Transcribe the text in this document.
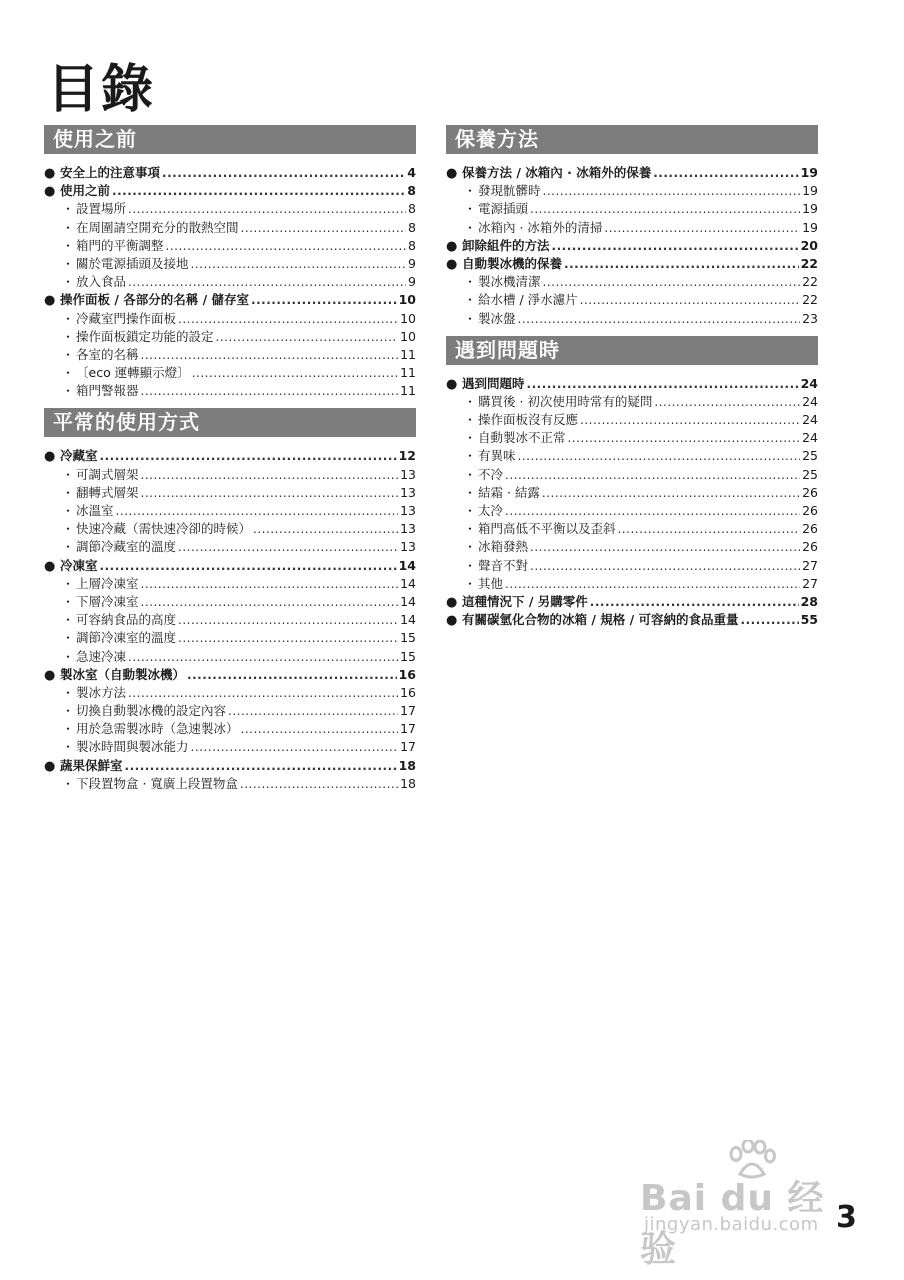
目錄
使用之前
● 安全上的注意事項 .....	4
● 使用之前 .....	8
・ 設置場所 .....	8
・ 在周圍請空開充分的散熱空間 .....	8
・ 箱門的平衡調整 .....	8
・ 關於電源插頭及接地 .....	9
・ 放入食品 .....	9
● 操作面板 / 各部分的名稱 / 儲存室 .....	10
・ 冷藏室門操作面板 .....	10
・ 操作面板鎖定功能的設定 .....	10
・ 各室的名稱 .....	11
・ 〔eco 運轉顯示燈〕 .....	11
・ 箱門警報器 .....	11
平常的使用方式
● 冷藏室 .....	12
・ 可調式層架 .....	13
・ 翻轉式層架 .....	13
・ 冰溫室 .....	13
・ 快速冷藏（需快速冷卻的時候） .....	13
・ 調節冷藏室的溫度 .....	13
● 冷凍室 .....	14
・ 上層冷凍室 .....	14
・ 下層冷凍室 .....	14
・ 可容納食品的高度 .....	14
・ 調節冷凍室的溫度 .....	15
・ 急速冷凍 .....	15
● 製冰室（自動製冰機） .....	16
・ 製冰方法 .....	16
・ 切換自動製冰機的設定內容 .....	17
・ 用於急需製冰時（急速製冰） .....	17
・ 製冰時間與製冰能力 .....	17
● 蔬果保鮮室 .....	18
・ 下段置物盒 · 寬廣上段置物盒 .....	18
保養方法
● 保養方法 / 冰箱內 · 冰箱外的保養 .....	19
・ 發現骯髒時 .....	19
・ 電源插頭 .....	19
・ 冰箱內 · 冰箱外的清掃 .....	19
● 卸除組件的方法 .....	20
● 自動製冰機的保養 .....	22
・ 製冰機清潔 .....	22
・ 給水槽 / 淨水濾片 .....	22
・ 製冰盤 .....	23
遇到問題時
● 遇到問題時 .....	24
・ 購買後 · 初次使用時常有的疑問 .....	24
・ 操作面板沒有反應 .....	24
・ 自動製冰不正常 .....	24
・ 有異味 .....	25
・ 不冷 .....	25
・ 結霜 · 結露 .....	26
・ 太冷 .....	26
・ 箱門高低不平衡以及歪斜 .....	26
・ 冰箱發熱 .....	26
・ 聲音不對 .....	27
・ 其他 .....	27
● 這種情況下 / 另購零件 .....	28
● 有關碳氫化合物的冰箱 / 規格 / 可容納的食品重量 .....	55
Bai du 经验
jingyan.baidu.com 3
